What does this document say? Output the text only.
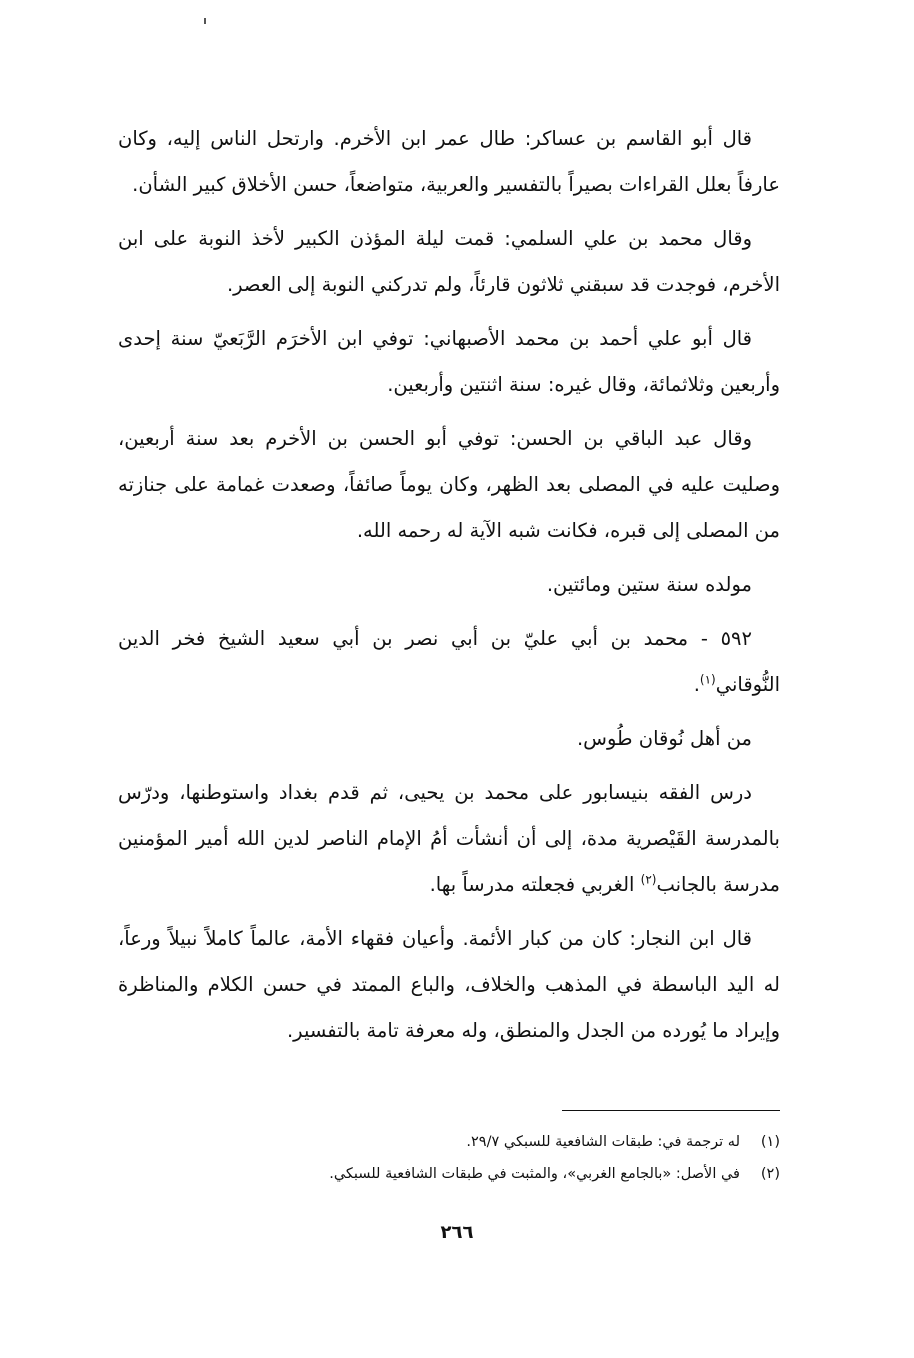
قال أبو القاسم بن عساكر: طال عمر ابن الأخرم. وارتحل الناس إليه، وكان عارفاً بعلل القراءات بصيراً بالتفسير والعربية، متواضعاً، حسن الأخلاق كبير الشأن.

وقال محمد بن علي السلمي: قمت ليلة المؤذن الكبير لأخذ النوبة على ابن الأخرم، فوجدت قد سبقني ثلاثون قارئاً، ولم تدركني النوبة إلى العصر.

قال أبو علي أحمد بن محمد الأصبهاني: توفي ابن الأخرَم الرَّبَعيّ سنة إحدى وأربعين وثلاثمائة، وقال غيره: سنة اثنتين وأربعين.

وقال عبد الباقي بن الحسن: توفي أبو الحسن بن الأخرم بعد سنة أربعين، وصليت عليه في المصلى بعد الظهر، وكان يوماً صائفاً، وصعدت غمامة على جنازته من المصلى إلى قبره، فكانت شبه الآية له رحمه الله.

مولده سنة ستين ومائتين.

٥٩٢ - محمد بن أبي عليّ بن أبي نصر بن أبي سعيد الشيخ فخر الدين النُّوقاني$^{(١)}$.

من أهل نُوقان طُوس.

درس الفقه بنيسابور على محمد بن يحيى، ثم قدم بغداد واستوطنها، ودرّس بالمدرسة القَيْصرية مدة، إلى أن أنشأت أمُ الإمام الناصر لدين الله أمير المؤمنين مدرسة بالجانب$^{(٢)}$ الغربي فجعلته مدرساً بها.

قال ابن النجار: كان من كبار الأئمة. وأعيان فقهاء الأمة، عالماً كاملاً نبيلاً ورعاً، له اليد الباسطة في المذهب والخلاف، والباع الممتد في حسن الكلام والمناظرة وإيراد ما يُورده من الجدل والمنطق، وله معرفة تامة بالتفسير.

(١)
له ترجمة في: طبقات الشافعية للسبكي ٢٩/٧.
(٢)
في الأصل: «بالجامع الغربي»، والمثبت في طبقات الشافعية للسبكي.
٢٦٦
